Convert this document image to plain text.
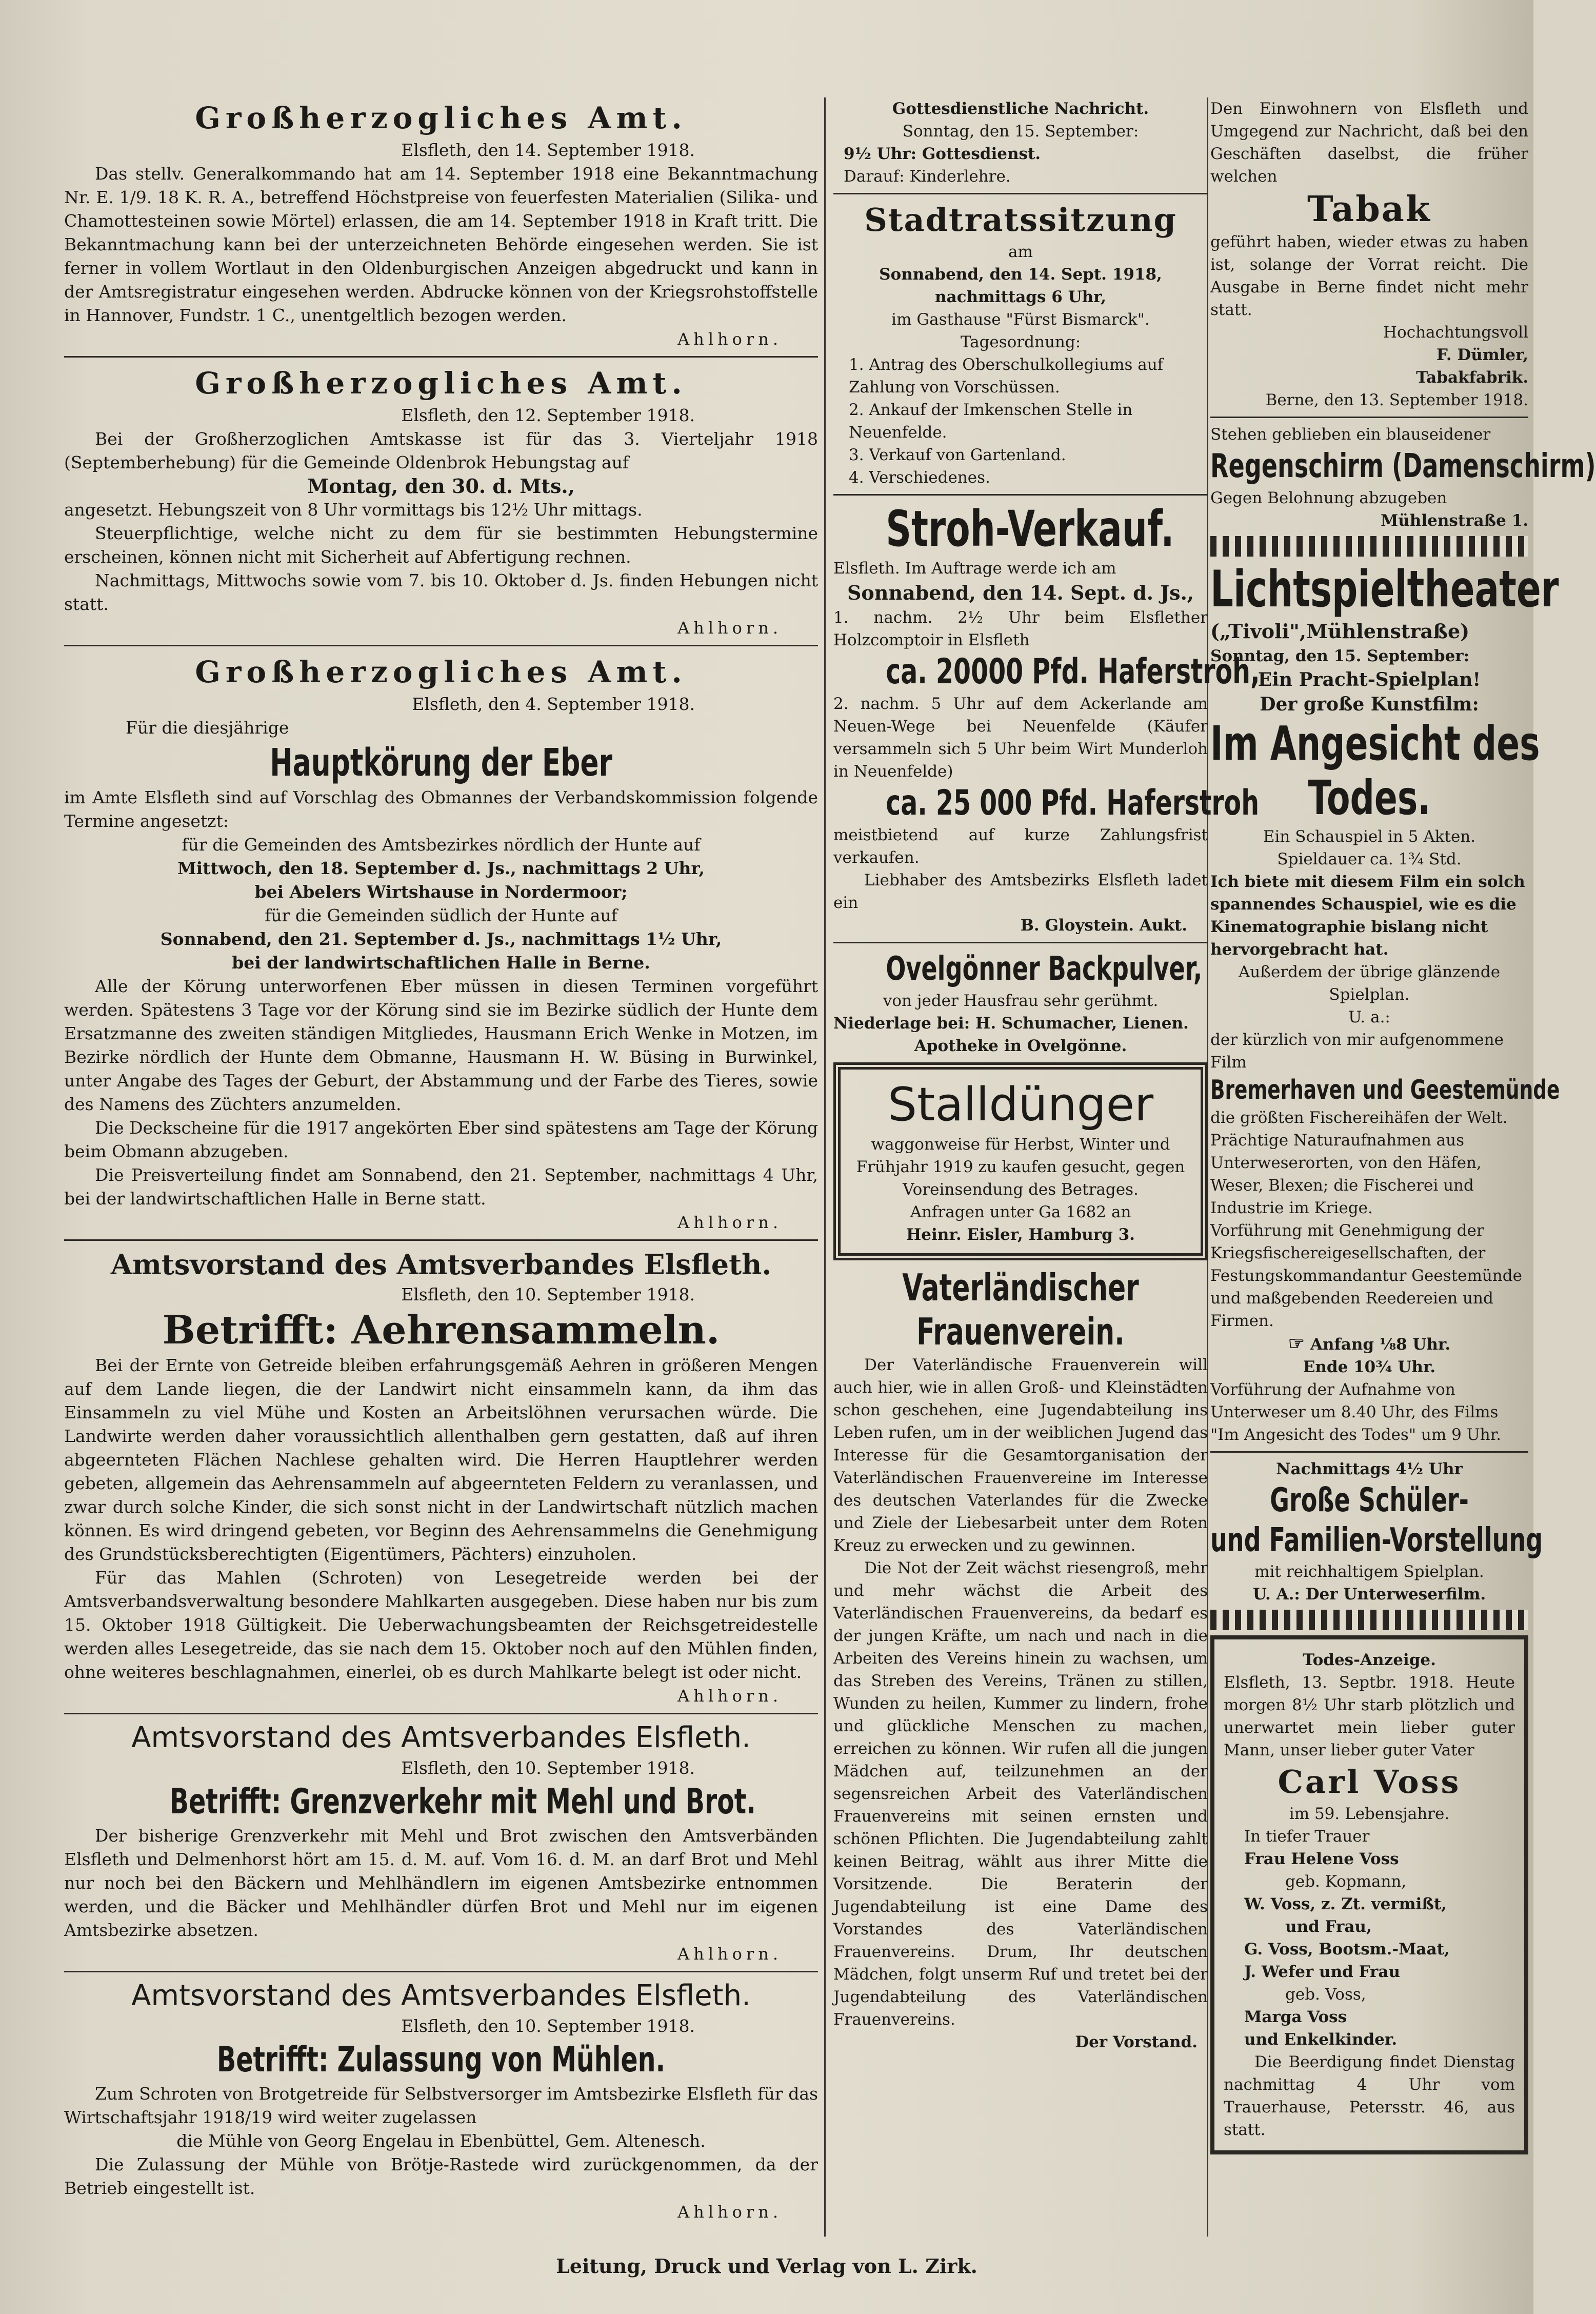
Großherzogliches Amt.

Elsfleth, den 14. September 1918.

Das stellv. Generalkommando hat am 14. September 1918 eine Bekanntmachung Nr. E. 1/9. 18 K. R. A., betreffend Höchstpreise von feuerfesten Materialien (Silika- und Chamottesteinen sowie Mörtel) erlassen, die am 14. September 1918 in Kraft tritt. Die Bekanntmachung kann bei der unterzeichneten Behörde eingesehen werden. Sie ist ferner in vollem Wortlaut in den Oldenburgischen Anzeigen abgedruckt und kann in der Amtsregistratur eingesehen werden. Abdrucke können von der Kriegsrohstoffstelle in Hannover, Fundstr. 1 C., unentgeltlich bezogen werden.

Ahlhorn.

Großherzogliches Amt.

Elsfleth, den 12. September 1918.

Bei der Großherzoglichen Amtskasse ist für das 3. Vierteljahr 1918 (Septemberhebung) für die Gemeinde Oldenbrok Hebungstag auf

Montag, den 30. d. Mts.,

angesetzt. Hebungszeit von 8 Uhr vormittags bis 12½ Uhr mittags.

Steuerpflichtige, welche nicht zu dem für sie bestimmten Hebungstermine erscheinen, können nicht mit Sicherheit auf Abfertigung rechnen.

Nachmittags, Mittwochs sowie vom 7. bis 10. Oktober d. Js. finden Hebungen nicht statt.

Ahlhorn.

Großherzogliches Amt.

Elsfleth, den 4. September 1918.

Für die diesjährige

Hauptkörung der Eber

im Amte Elsfleth sind auf Vorschlag des Obmannes der Verbandskommission folgende Termine angesetzt:

für die Gemeinden des Amtsbezirkes nördlich der Hunte auf

Mittwoch, den 18. September d. Js., nachmittags 2 Uhr,

bei Abelers Wirtshause in Nordermoor;

für die Gemeinden südlich der Hunte auf

Sonnabend, den 21. September d. Js., nachmittags 1½ Uhr,

bei der landwirtschaftlichen Halle in Berne.

Alle der Körung unterworfenen Eber müssen in diesen Terminen vorgeführt werden. Spätestens 3 Tage vor der Körung sind sie im Bezirke südlich der Hunte dem Ersatzmanne des zweiten ständigen Mitgliedes, Hausmann Erich Wenke in Motzen, im Bezirke nördlich der Hunte dem Obmanne, Hausmann H. W. Büsing in Burwinkel, unter Angabe des Tages der Geburt, der Abstammung und der Farbe des Tieres, sowie des Namens des Züchters anzumelden.

Die Deckscheine für die 1917 angekörten Eber sind spätestens am Tage der Körung beim Obmann abzugeben.

Die Preisverteilung findet am Sonnabend, den 21. September, nachmittags 4 Uhr, bei der landwirtschaftlichen Halle in Berne statt.

Ahlhorn.

Amtsvorstand des Amtsverbandes Elsfleth.

Elsfleth, den 10. September 1918.

Betrifft: Aehrensammeln.

Bei der Ernte von Getreide bleiben erfahrungsgemäß Aehren in größeren Mengen auf dem Lande liegen, die der Landwirt nicht einsammeln kann, da ihm das Einsammeln zu viel Mühe und Kosten an Arbeitslöhnen verursachen würde. Die Landwirte werden daher voraussichtlich allenthalben gern gestatten, daß auf ihren abgeernteten Flächen Nachlese gehalten wird. Die Herren Hauptlehrer werden gebeten, allgemein das Aehrensammeln auf abgeernteten Feldern zu veranlassen, und zwar durch solche Kinder, die sich sonst nicht in der Landwirtschaft nützlich machen können. Es wird dringend gebeten, vor Beginn des Aehrensammelns die Genehmigung des Grundstücksberechtigten (Eigentümers, Pächters) einzuholen.

Für das Mahlen (Schroten) von Lesegetreide werden bei der Amtsverbandsverwaltung besondere Mahlkarten ausgegeben. Diese haben nur bis zum 15. Oktober 1918 Gültigkeit. Die Ueberwachungsbeamten der Reichsgetreidestelle werden alles Lesegetreide, das sie nach dem 15. Oktober noch auf den Mühlen finden, ohne weiteres beschlagnahmen, einerlei, ob es durch Mahlkarte belegt ist oder nicht.

Ahlhorn.

Amtsvorstand des Amtsverbandes Elsfleth.

Elsfleth, den 10. September 1918.

Betrifft: Grenzverkehr mit Mehl und Brot.

Der bisherige Grenzverkehr mit Mehl und Brot zwischen den Amtsverbänden Elsfleth und Delmenhorst hört am 15. d. M. auf. Vom 16. d. M. an darf Brot und Mehl nur noch bei den Bäckern und Mehlhändlern im eigenen Amtsbezirke entnommen werden, und die Bäcker und Mehlhändler dürfen Brot und Mehl nur im eigenen Amtsbezirke absetzen.

Ahlhorn.

Amtsvorstand des Amtsverbandes Elsfleth.

Elsfleth, den 10. September 1918.

Betrifft: Zulassung von Mühlen.

Zum Schroten von Brotgetreide für Selbstversorger im Amtsbezirke Elsfleth für das Wirtschaftsjahr 1918/19 wird weiter zugelassen

die Mühle von Georg Engelau in Ebenbüttel, Gem. Altenesch.

Die Zulassung der Mühle von Brötje-Rastede wird zurückgenommen, da der Betrieb eingestellt ist.

Ahlhorn.

Gottesdienstliche Nachricht.

Sonntag, den 15. September:

9½ Uhr: Gottesdienst.

Darauf: Kinderlehre.

Stadtratssitzung

am

Sonnabend, den 14. Sept. 1918, nachmittags 6 Uhr,

im Gasthause "Fürst Bismarck".

Tagesordnung:

1. Antrag des Oberschulkollegiums auf Zahlung von Vorschüssen.

2. Ankauf der Imkenschen Stelle in Neuenfelde.

3. Verkauf von Gartenland.

4. Verschiedenes.

Stroh-Verkauf.

Elsfleth. Im Auftrage werde ich am

Sonnabend, den 14. Sept. d. Js.,

1. nachm. 2½ Uhr beim Elsflether Holzcomptoir in Elsfleth

ca. 20000 Pfd. Haferstroh,

2. nachm. 5 Uhr auf dem Ackerlande am Neuen-Wege bei Neuenfelde (Käufer versammeln sich 5 Uhr beim Wirt Munderloh in Neuenfelde)

ca. 25 000 Pfd. Haferstroh

meistbietend auf kurze Zahlungsfrist verkaufen.

Liebhaber des Amtsbezirks Elsfleth ladet ein

B. Gloystein. Aukt.

Ovelgönner Backpulver,

von jeder Hausfrau sehr gerühmt.

Niederlage bei: H. Schumacher, Lienen.

Apotheke in Ovelgönne.

Stalldünger

waggonweise für Herbst, Winter und Frühjahr 1919 zu kaufen gesucht, gegen Voreinsendung des Betrages.

Anfragen unter Ga 1682 an

Heinr. Eisler, Hamburg 3.

Vaterländischer

Frauenverein.

Der Vaterländische Frauenverein will auch hier, wie in allen Groß- und Kleinstädten schon geschehen, eine Jugendabteilung ins Leben rufen, um in der weiblichen Jugend das Interesse für die Gesamtorganisation der Vaterländischen Frauenvereine im Interesse des deutschen Vaterlandes für die Zwecke und Ziele der Liebesarbeit unter dem Roten Kreuz zu erwecken und zu gewinnen.

Die Not der Zeit wächst riesengroß, mehr und mehr wächst die Arbeit des Vaterländischen Frauenvereins, da bedarf es der jungen Kräfte, um nach und nach in die Arbeiten des Vereins hinein zu wachsen, um das Streben des Vereins, Tränen zu stillen, Wunden zu heilen, Kummer zu lindern, frohe und glückliche Menschen zu machen, erreichen zu können. Wir rufen all die jungen Mädchen auf, teilzunehmen an der segensreichen Arbeit des Vaterländischen Frauenvereins mit seinen ernsten und schönen Pflichten. Die Jugendabteilung zahlt keinen Beitrag, wählt aus ihrer Mitte die Vorsitzende. Die Beraterin der Jugendabteilung ist eine Dame des Vorstandes des Vaterländischen Frauenvereins. Drum, Ihr deutschen Mädchen, folgt unserm Ruf und tretet bei der Jugendabteilung des Vaterländischen Frauenvereins.

Der Vorstand.

Den Einwohnern von Elsfleth und Umgegend zur Nachricht, daß bei den Geschäften daselbst, die früher welchen

Tabak

geführt haben, wieder etwas zu haben ist, solange der Vorrat reicht. Die Ausgabe in Berne findet nicht mehr statt.

Hochachtungsvoll

F. Dümler,

Tabakfabrik.

Berne, den 13. September 1918.

Stehen geblieben ein blauseidener

Regenschirm (Damenschirm)

Gegen Belohnung abzugeben

Mühlenstraße 1.

Lichtspieltheater

(„Tivoli",Mühlenstraße)

Sonntag, den 15. September:

Ein Pracht-Spielplan!

Der große Kunstfilm:

Im Angesicht des

Todes.

Ein Schauspiel in 5 Akten.

Spieldauer ca. 1¾ Std.

Ich biete mit diesem Film ein solch spannendes Schauspiel, wie es die Kinematographie bislang nicht hervorgebracht hat.

Außerdem der übrige glänzende Spielplan.

U. a.:

der kürzlich von mir aufgenommene Film

Bremerhaven und Geestemünde

die größten Fischereihäfen der Welt. Prächtige Naturaufnahmen aus Unterweserorten, von den Häfen, Weser, Blexen; die Fischerei und Industrie im Kriege.

Vorführung mit Genehmigung der Kriegsfischereigesellschaften, der Festungskommandantur Geestemünde und maßgebenden Reedereien und Firmen.

☞ Anfang ⅛8 Uhr.

Ende 10¾ Uhr.

Vorführung der Aufnahme von Unterweser um 8.40 Uhr, des Films "Im Angesicht des Todes" um 9 Uhr.

Nachmittags 4½ Uhr

Große Schüler-

und Familien-Vorstellung

mit reichhaltigem Spielplan.

U. A.: Der Unterweserfilm.

Todes-Anzeige.

Elsfleth, 13. Septbr. 1918. Heute morgen 8½ Uhr starb plötzlich und unerwartet mein lieber guter Mann, unser lieber guter Vater

Carl Voss

im 59. Lebensjahre.

In tiefer Trauer

Frau Helene Voss

geb. Kopmann,

W. Voss, z. Zt. vermißt,

und Frau,

G. Voss, Bootsm.-Maat,

J. Wefer und Frau

geb. Voss,

Marga Voss

und Enkelkinder.

Die Beerdigung findet Dienstag nachmittag 4 Uhr vom Trauerhause, Petersstr. 46, aus statt.

Leitung, Druck und Verlag von L. Zirk.
